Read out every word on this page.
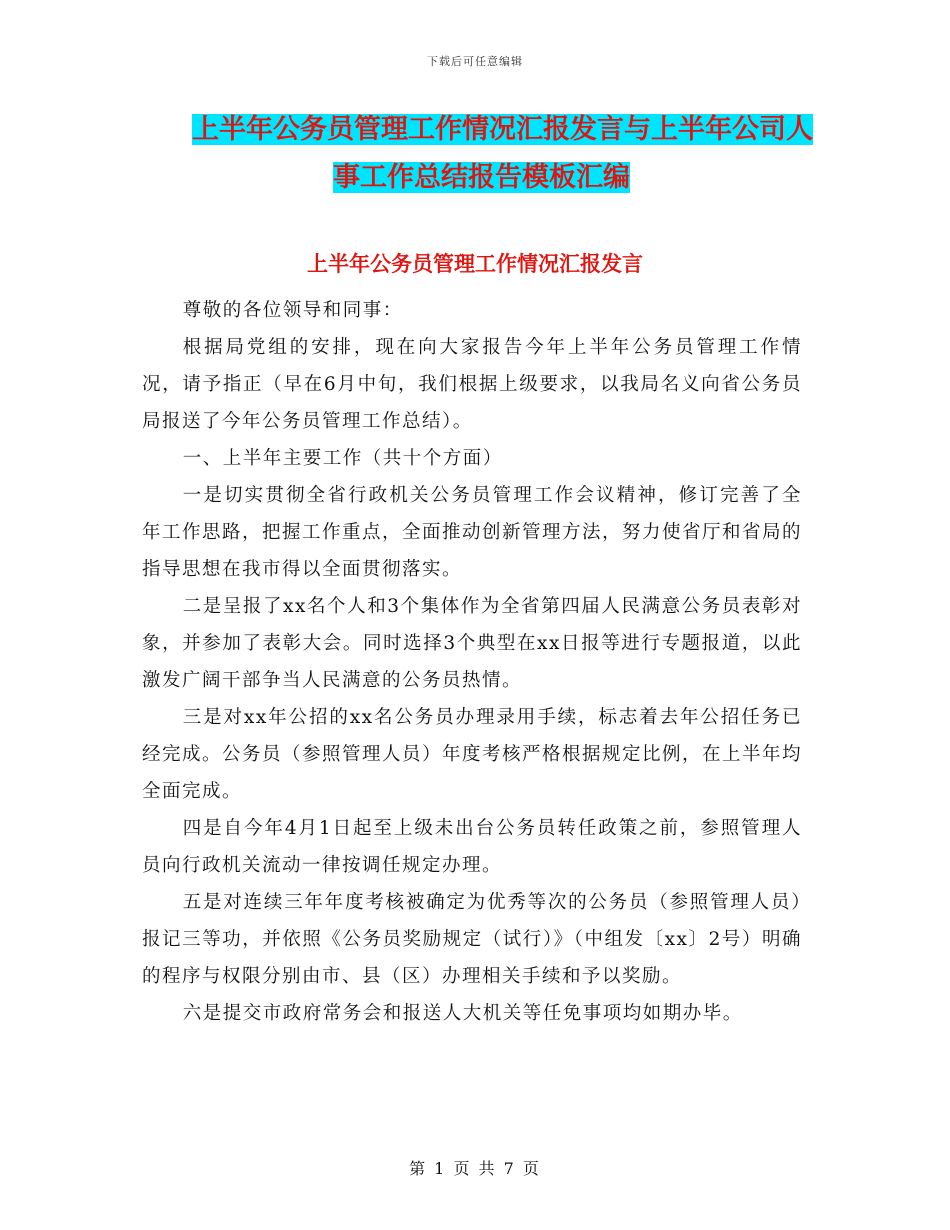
下载后可任意编辑
上半年公务员管理工作情况汇报发言与上半年公司人
事工作总结报告模板汇编
上半年公务员管理工作情况汇报发言

尊敬的各位领导和同事：

根据局党组的安排，现在向大家报告今年上半年公务员管理工作情况，请予指正（早在6月中旬，我们根据上级要求，以我局名义向省公务员局报送了今年公务员管理工作总结）。

一、上半年主要工作（共十个方面）

一是切实贯彻全省行政机关公务员管理工作会议精神，修订完善了全年工作思路，把握工作重点，全面推动创新管理方法，努力使省厅和省局的指导思想在我市得以全面贯彻落实。

二是呈报了xx名个人和3个集体作为全省第四届人民满意公务员表彰对象，并参加了表彰大会。同时选择3个典型在xx日报等进行专题报道，以此激发广阔干部争当人民满意的公务员热情。

三是对xx年公招的xx名公务员办理录用手续，标志着去年公招任务已经完成。公务员（参照管理人员）年度考核严格根据规定比例，在上半年均全面完成。

四是自今年4月1日起至上级未出台公务员转任政策之前，参照管理人员向行政机关流动一律按调任规定办理。

五是对连续三年年度考核被确定为优秀等次的公务员（参照管理人员）报记三等功，并依照《公务员奖励规定（试行）》（中组发〔xx〕2号）明确的程序与权限分别由市、县（区）办理相关手续和予以奖励。

六是提交市政府常务会和报送人大机关等任免事项均如期办毕。

第 1 页 共 7 页
